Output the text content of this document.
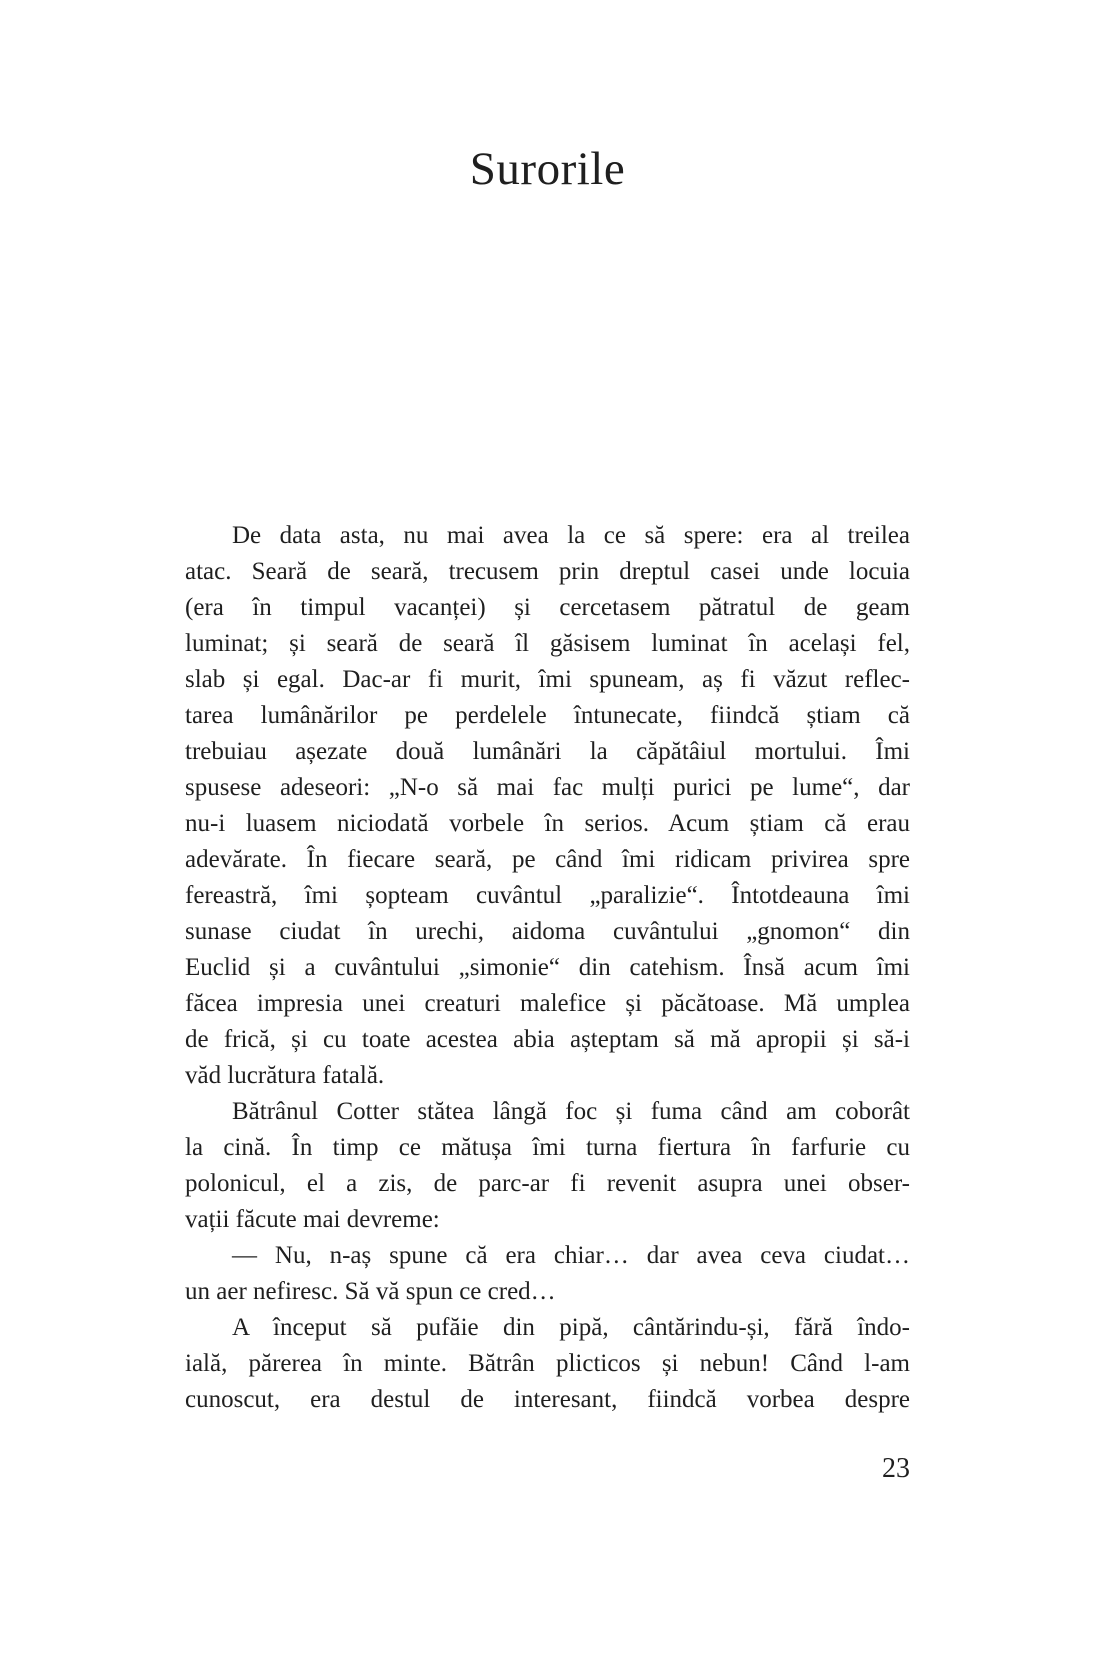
Surorile
De data asta, nu mai avea la ce să spere: era al treilea
atac. Seară de seară, trecusem prin dreptul casei unde locuia
(era în timpul vacanței) și cercetasem pătratul de geam
luminat; și seară de seară îl găsisem luminat în același fel,
slab și egal. Dac-ar fi murit, îmi spuneam, aș fi văzut reflec-
tarea lumânărilor pe perdelele întunecate, fiindcă știam că
trebuiau așezate două lumânări la căpătâiul mortului. Îmi
spusese adeseori: „N-o să mai fac mulți purici pe lume“, dar
nu-i luasem niciodată vorbele în serios. Acum știam că erau
adevărate. În fiecare seară, pe când îmi ridicam privirea spre
fereastră, îmi șopteam cuvântul „paralizie“. Întotdeauna îmi
sunase ciudat în urechi, aidoma cuvântului „gnomon“ din
Euclid și a cuvântului „simonie“ din catehism. Însă acum îmi
făcea impresia unei creaturi malefice și păcătoase. Mă umplea
de frică, și cu toate acestea abia așteptam să mă apropii și să-i
văd lucrătura fatală.
Bătrânul Cotter stătea lângă foc și fuma când am coborât
la cină. În timp ce mătușa îmi turna fiertura în farfurie cu
polonicul, el a zis, de parc-ar fi revenit asupra unei obser-
vații făcute mai devreme:
— Nu, n-aș spune că era chiar… dar avea ceva ciudat…
un aer nefiresc. Să vă spun ce cred…
A început să pufăie din pipă, cântărindu-și, fără îndo-
ială, părerea în minte. Bătrân plicticos și nebun! Când l-am
cunoscut, era destul de interesant, fiindcă vorbea despre
23
